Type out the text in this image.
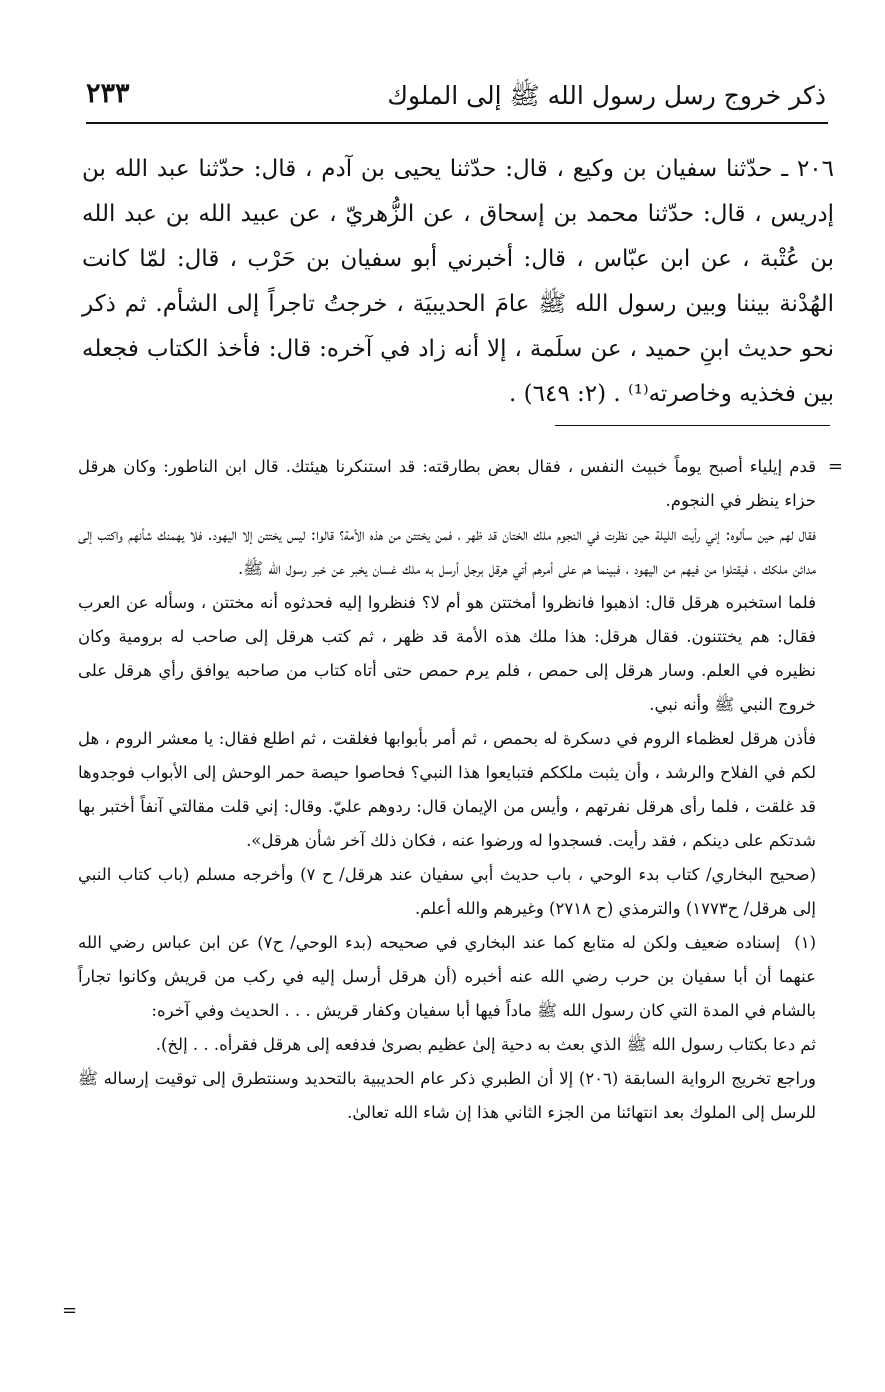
ذكر خروج رسل رسول الله ﷺ إلى الملوك
٢٣٣
٢٠٦ ـ حدّثنا سفيان بن وكيع ، قال: حدّثنا يحيى بن آدم ، قال: حدّثنا عبد الله بن إدريس ، قال: حدّثنا محمد بن إسحاق ، عن الزُّهريّ ، عن عبيد الله بن عبد الله بن عُتْبة ، عن ابن عبّاس ، قال: أخبرني أبو سفيان بن حَرْب ، قال: لمّا كانت الهُدْنة بيننا وبين رسول الله ﷺ عامَ الحديبيَة ، خرجتُ تاجراً إلى الشأم. ثم ذكر نحو حديث ابنِ حميد ، عن سلَمة ، إلا أنه زاد في آخره: قال: فأخذ الكتاب فجعله بين فخذيه وخاصرته⁽¹⁾ . (٢: ٦٤٩) .
=

قدم إيلياء أصبح يوماً خبيث النفس ، فقال بعض بطارقته: قد استنكرنا هيئتك. قال ابن الناطور: وكان هرقل حزاء ينظر في النجوم.

فقال لهم حين سألوه: إني رأيت الليلة حين نظرت في النجوم ملك الختان قد ظهر ، فمن يختتن من هذه الأمة؟ قالوا: ليس يختتن إلا اليهود. فلا يهمنك شأنهم واكتب إلى مدائن ملكك ، فيقتلوا من فيهم من اليهود ، فبينما هم على أمرهم أتي هرقل برجل أرسل به ملك غسان يخبر عن خبر رسول الله ﷺ.

فلما استخبره هرقل قال: اذهبوا فانظروا أمختتن هو أم لا؟ فنظروا إليه فحدثوه أنه مختتن ، وسأله عن العرب فقال: هم يختتنون. فقال هرقل: هذا ملك هذه الأمة قد ظهر ، ثم كتب هرقل إلى صاحب له برومية وكان نظيره في العلم. وسار هرقل إلى حمص ، فلم يرم حمص حتى أتاه كتاب من صاحبه يوافق رأي هرقل على خروج النبي ﷺ وأنه نبي.

فأذن هرقل لعظماء الروم في دسكرة له بحمص ، ثم أمر بأبوابها فغلقت ، ثم اطلع فقال: يا معشر الروم ، هل لكم في الفلاح والرشد ، وأن يثبت ملككم فتبايعوا هذا النبي؟ فحاصوا حيصة حمر الوحش إلى الأبواب فوجدوها قد غلقت ، فلما رأى هرقل نفرتهم ، وأيس من الإيمان قال: ردوهم عليّ. وقال: إني قلت مقالتي آنفاً أختبر بها شدتكم على دينكم ، فقد رأيت. فسجدوا له ورضوا عنه ، فكان ذلك آخر شأن هرقل».

(صحيح البخاري/ كتاب بدء الوحي ، باب حديث أبي سفيان عند هرقل/ ح ٧) وأخرجه مسلم (باب كتاب النبي إلى هرقل/ ح١٧٧٣) والترمذي (ح ٢٧١٨) وغيرهم والله أعلم.

(١)إسناده ضعيف ولكن له متابع كما عند البخاري في صحيحه (بدء الوحي/ ح٧) عن ابن عباس رضي الله عنهما أن أبا سفيان بن حرب رضي الله عنه أخبره (أن هرقل أرسل إليه في ركب من قريش وكانوا تجاراً بالشام في المدة التي كان رسول الله ﷺ ماداً فيها أبا سفيان وكفار قريش . . . الحديث وفي آخره:

ثم دعا بكتاب رسول الله ﷺ الذي بعث به دحية إلىٰ عظيم بصرىٰ فدفعه إلى هرقل فقرأه. . . إلخ).

وراجع تخريج الرواية السابقة (٢٠٦) إلا أن الطبري ذكر عام الحديبية بالتحديد وسنتطرق إلى توقيت إرساله ﷺ للرسل إلى الملوك بعد انتهائنا من الجزء الثاني هذا إن شاء الله تعالىٰ.

=
